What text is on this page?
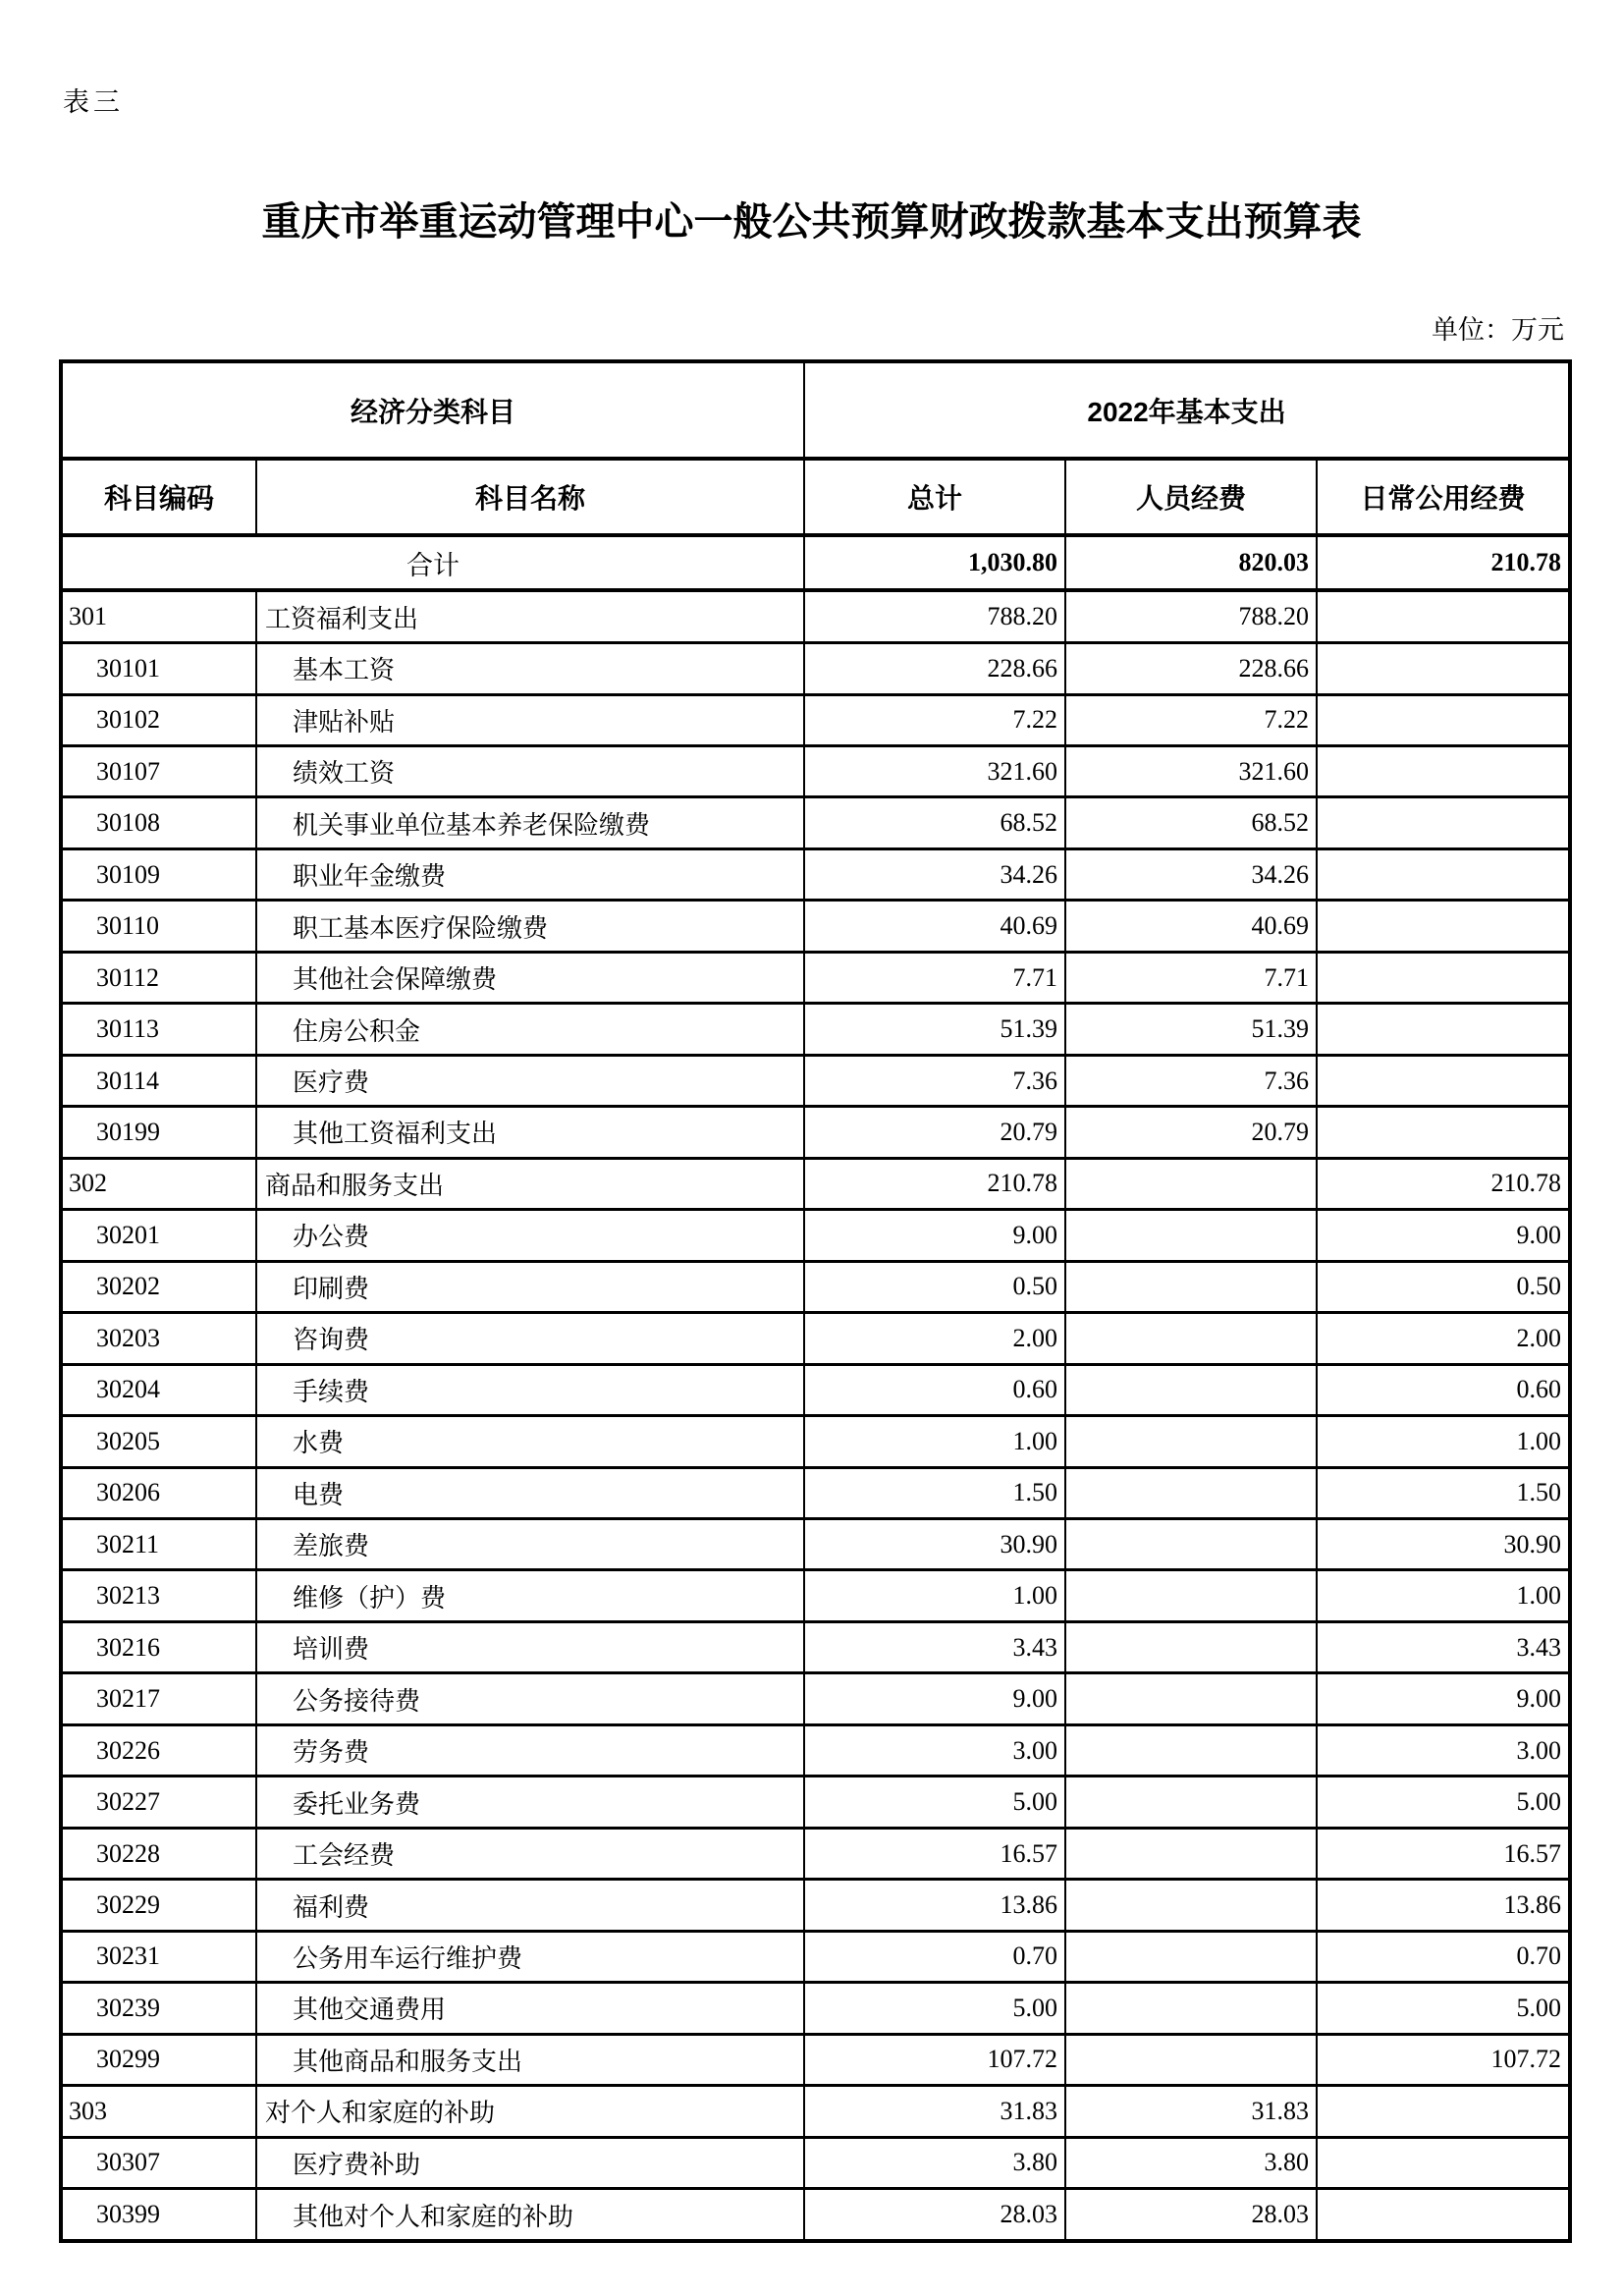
表三
重庆市举重运动管理中心一般公共预算财政拨款基本支出预算表
单位：万元
经济分类科目		2022年基本支出		
科目编码	科目名称	总计	人员经费	日常公用经费
合计		1,030.80	820.03	210.78
301	工资福利支出	788.20	788.20	
30101	基本工资	228.66	228.66	
30102	津贴补贴	7.22	7.22	
30107	绩效工资	321.60	321.60	
30108	机关事业单位基本养老保险缴费	68.52	68.52	
30109	职业年金缴费	34.26	34.26	
30110	职工基本医疗保险缴费	40.69	40.69	
30112	其他社会保障缴费	7.71	7.71	
30113	住房公积金	51.39	51.39	
30114	医疗费	7.36	7.36	
30199	其他工资福利支出	20.79	20.79	
302	商品和服务支出	210.78		210.78
30201	办公费	9.00		9.00
30202	印刷费	0.50		0.50
30203	咨询费	2.00		2.00
30204	手续费	0.60		0.60
30205	水费	1.00		1.00
30206	电费	1.50		1.50
30211	差旅费	30.90		30.90
30213	维修（护）费	1.00		1.00
30216	培训费	3.43		3.43
30217	公务接待费	9.00		9.00
30226	劳务费	3.00		3.00
30227	委托业务费	5.00		5.00
30228	工会经费	16.57		16.57
30229	福利费	13.86		13.86
30231	公务用车运行维护费	0.70		0.70
30239	其他交通费用	5.00		5.00
30299	其他商品和服务支出	107.72		107.72
303	对个人和家庭的补助	31.83	31.83	
30307	医疗费补助	3.80	3.80	
30399	其他对个人和家庭的补助	28.03	28.03	
